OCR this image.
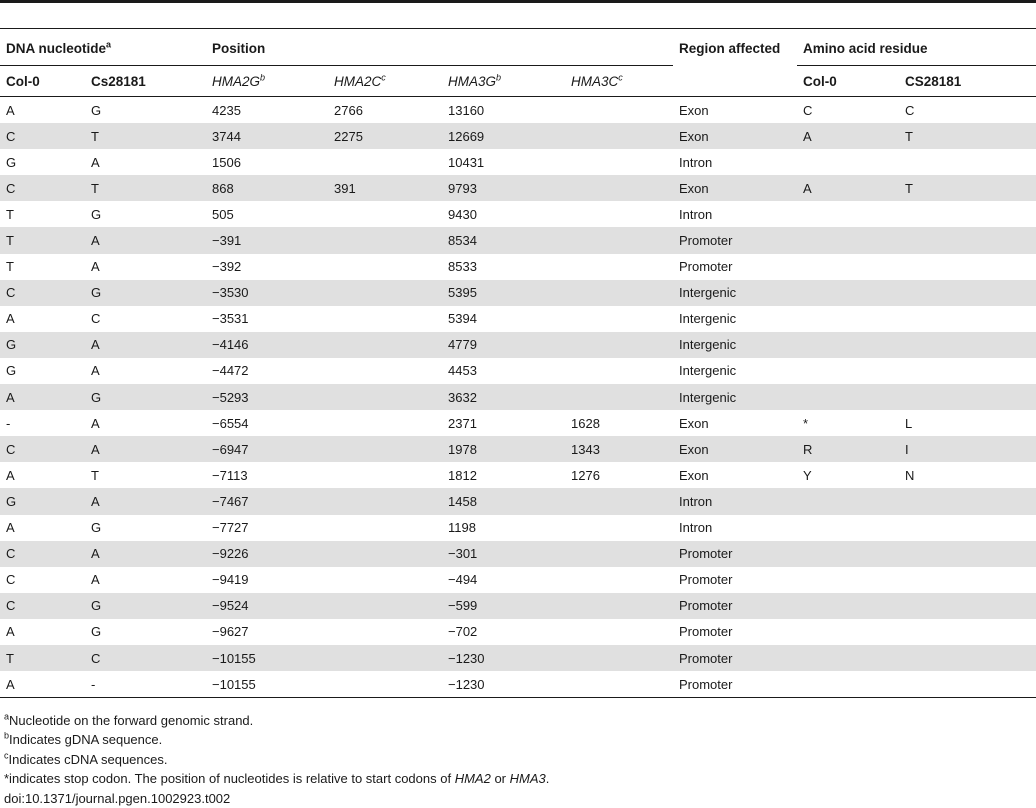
DNA nucleotide$^a$		Position				Region affected	Amino acid residue	
Col-0	Cs28181	$HMA2G^b$	$HMA2C^c$	$HMA3G^b$	$HMA3C^c$		Col-0	CS28181
A	G	4235	2766	13160		Exon	C	C
C	T	3744	2275	12669		Exon	A	T
G	A	1506		10431		Intron		
C	T	868	391	9793		Exon	A	T
T	G	505		9430		Intron		
T	A	−391		8534		Promoter		
T	A	−392		8533		Promoter		
C	G	−3530		5395		Intergenic		
A	C	−3531		5394		Intergenic		
G	A	−4146		4779		Intergenic		
G	A	−4472		4453		Intergenic		
A	G	−5293		3632		Intergenic		
-	A	−6554		2371	1628	Exon	*	L
C	A	−6947		1978	1343	Exon	R	I
A	T	−7113		1812	1276	Exon	Y	N
G	A	−7467		1458		Intron		
A	G	−7727		1198		Intron		
C	A	−9226		−301		Promoter		
C	A	−9419		−494		Promoter		
C	G	−9524		−599		Promoter		
A	G	−9627		−702		Promoter		
T	C	−10155		−1230		Promoter		
A	-	−10155		−1230		Promoter		
$^a$Nucleotide on the forward genomic strand.
$^b$Indicates gDNA sequence.
$^c$Indicates cDNA sequences.
*indicates stop codon. The position of nucleotides is relative to start codons of HMA2 or HMA3.
doi:10.1371/journal.pgen.1002923.t002
